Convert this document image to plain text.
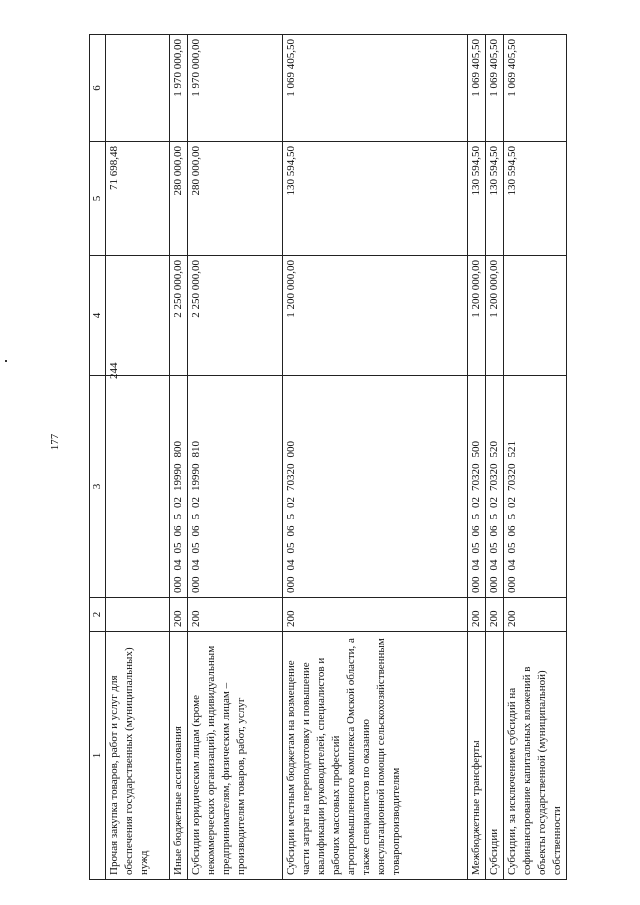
177
1	2	3	4	5	6
Прочая закупка товаров, работ и услуг для обеспечения государственных (муниципальных) нужд		244		71 698,48	
Иные бюджетные ассигнования	200	00004050650219990800	2 250 000,00	280 000,00	1 970 000,00
Субсидии юридическим лицам (кроме некоммерческих организаций), индивидуальным предпринимателям, физическим лицам – производителям товаров, работ, услуг	200	00004050650219990810	2 250 000,00	280 000,00	1 970 000,00
Субсидии местным бюджетам на возмещение части затрат на переподготовку и повышение квалификации руководителей, специалистов и рабочих массовых профессий агропромышленного комплекса Омской области, а также специалистов по оказанию консультационной помощи сельскохозяйственным товаропроизводителям	200	00004050650270320000	1 200 000,00	130 594,50	1 069 405,50
Межбюджетные трансферты	200	00004050650270320500	1 200 000,00	130 594,50	1 069 405,50
Субсидии	200	00004050650270320520	1 200 000,00	130 594,50	1 069 405,50
Субсидии, за исключением субсидий на софинансирование капитальных вложений в объекты государственной (муниципальной) собственности	200	00004050650270320521		130 594,50	1 069 405,50
